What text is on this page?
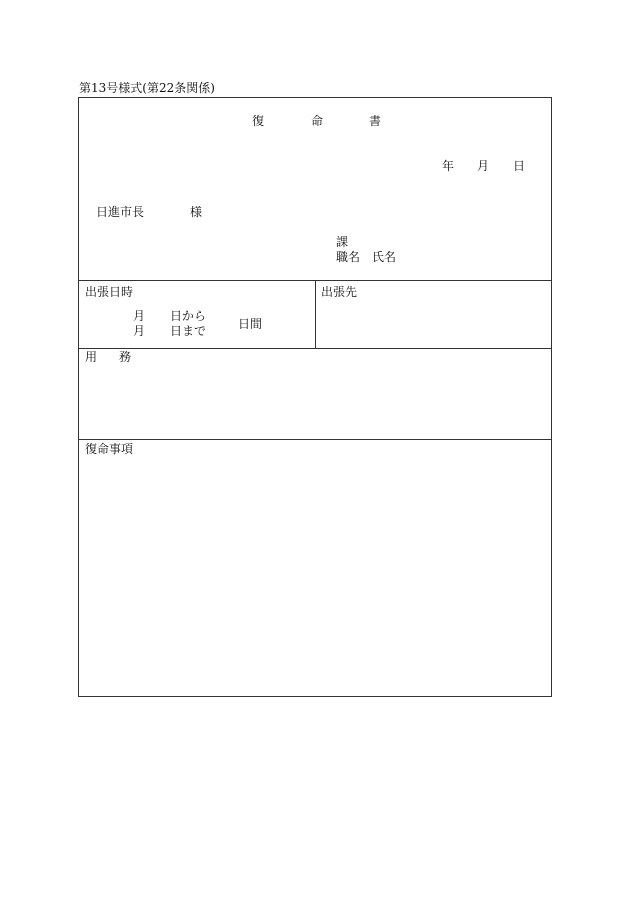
第13号様式(第22条関係)
復	命	書
年 月 日
日進市長	様
課
職名 氏名
出張日時
月 日から
月 日まで	日間
出張先
用 務
復命事項
